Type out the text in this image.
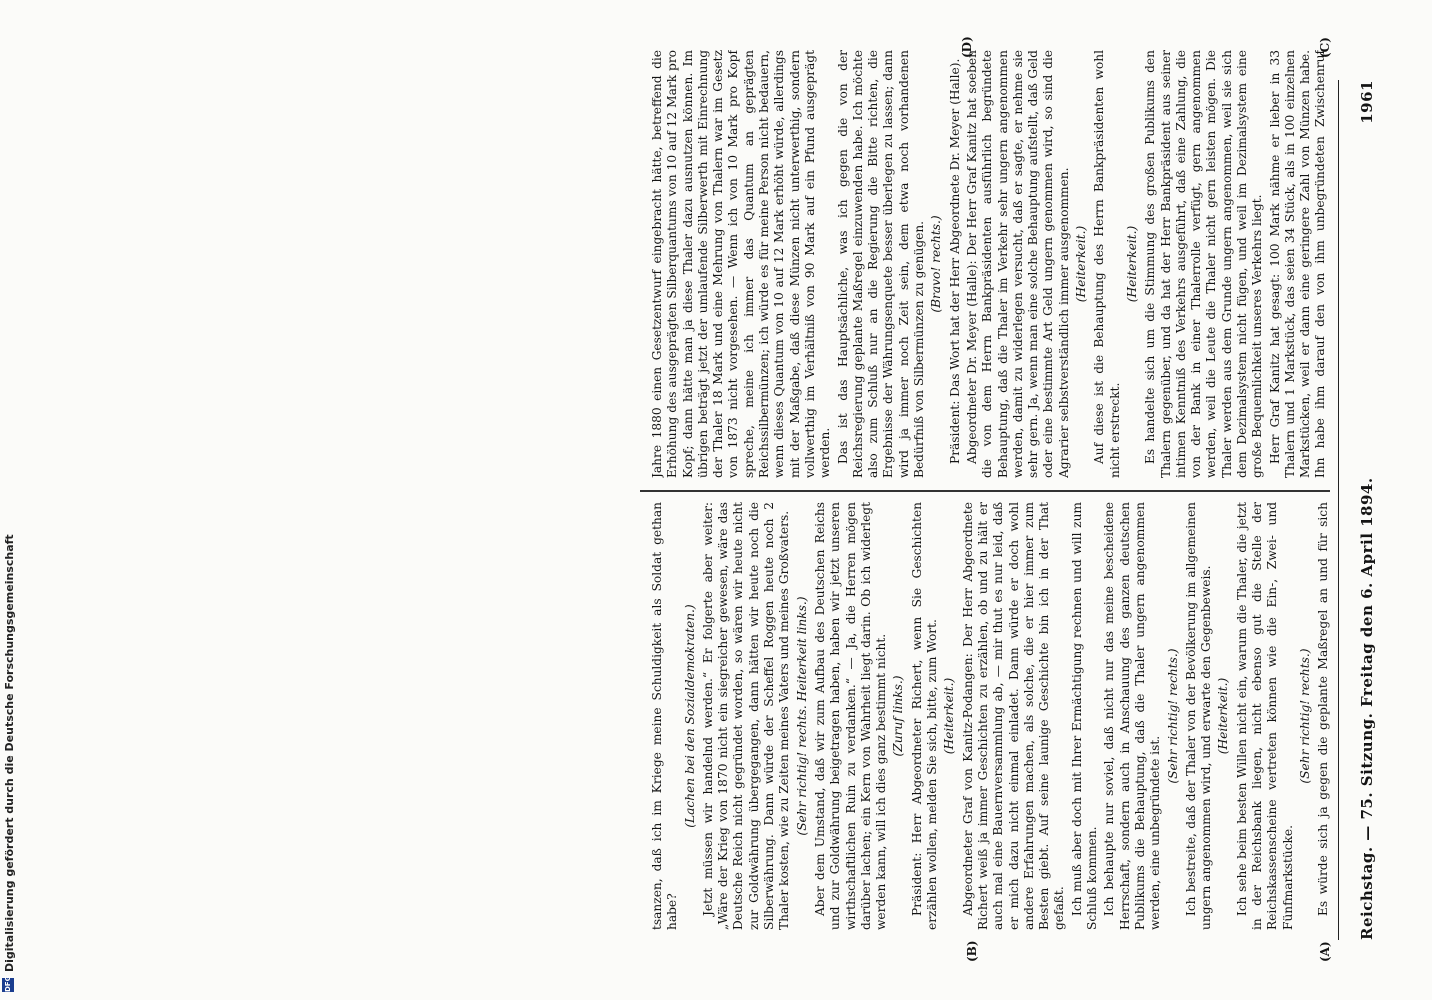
Reichstag. — 75. Sitzung. Freitag den 6. April 1894.
1961
(A)
(B)
(C)
(D)

tsanzen, daß ich im Kriege meine Schuldigkeit als Soldat gethan habe?

(Lachen bei den Sozialdemokraten.) Jetzt müssen wir handelnd werden.“ Er folgerte aber weiter: „Wäre der Krieg von 1870 nicht ein siegreicher gewesen, wäre das Deutsche Reich nicht gegründet worden, so wären wir heute nicht zur Goldwährung übergegangen, dann hätten wir heute noch die Silberwährung. Dann würde der Scheffel Roggen heute noch 2 Thaler kosten, wie zu Zeiten meines Vaters und meines Großvaters. (Sehr richtig! rechts. Heiterkeit links.) Aber dem Umstand, daß wir zum Aufbau des Deutschen Reichs und zur Goldwährung beigetragen haben, haben wir jetzt unseren wirthschaftlichen Ruin zu verdanken.“ — Ja, die Herren mögen darüber lachen; ein Kern von Wahrheit liegt darin. Ob ich widerlegt werden kann, will ich dies ganz bestimmt nicht. (Zuruf links.) Präsident: Herr Abgeordneter Richert, wenn Sie Geschichten erzählen wollen, melden Sie sich, bitte, zum Wort. (Heiterkeit.) Abgeordneter Graf von Kanitz-Podangen: Der Herr Abgeordnete Richert weiß ja immer Geschichten zu erzählen, ob und zu hält er auch mal eine Bauernversammlung ab, — mir thut es nur leid, daß er mich dazu nicht einmal einladet. Dann würde er doch wohl andere Erfahrungen machen, als solche, die er hier immer zum Besten giebt. Auf seine launige Geschichte bin ich in der That gefaßt. Ich muß aber doch mit Ihrer Ermächtigung rechnen und will zum Schluß kommen. Ich behaupte nur soviel, daß nicht nur das meine bescheidene Herrschaft, sondern auch in Anschauung des ganzen deutschen Publikums die Behauptung, daß die Thaler ungern angenommen werden, eine unbegründete ist.

(Sehr richtig! rechts.) Ich bestreite, daß der Thaler von der Bevölkerung im allgemeinen ungern angenommen wird, und erwarte den Gegenbeweis. (Heiterkeit.) Ich sehe beim besten Willen nicht ein, warum die Thaler, die jetzt in der Reichsbank liegen, nicht ebenso gut die Stelle der Reichskassenscheine vertreten können wie die Ein-, Zwei- und Fünfmarkstücke.

(Sehr richtig! rechts.)

Es würde sich ja gegen die geplante Maßregel an und für sich

Jahre 1880 einen Gesetzentwurf eingebracht hätte, betreffend die Erhöhung des ausgeprägten Silberquantums von 10 auf 12 Mark pro Kopf; dann hätte man ja diese Thaler dazu ausnutzen können. Im übrigen beträgt jetzt der umlaufende Silberwerth mit Einrechnung der Thaler 18 Mark und eine Mehrung von Thalern war im Gesetz von 1873 nicht vorgesehen. — Wenn ich von 10 Mark pro Kopf spreche, meine ich immer das Quantum an geprägten Reichssilbermünzen; ich würde es für meine Person nicht bedauern, wenn dieses Quantum von 10 auf 12 Mark erhöht würde, allerdings mit der Maßgabe, daß diese Münzen nicht unterwerthig, sondern vollwerthig im Verhältniß von 90 Mark auf ein Pfund ausgeprägt werden. Das ist das Hauptsächliche, was ich gegen die von der Reichsregierung geplante Maßregel einzuwenden habe. Ich möchte also zum Schluß nur an die Regierung die Bitte richten, die Ergebnisse der Währungsenquete besser überlegen zu lassen; dann wird ja immer noch Zeit sein, dem etwa noch vorhandenen Bedürfniß von Silbermünzen zu genügen. (Bravo! rechts.) Präsident: Das Wort hat der Herr Abgeordnete Dr. Meyer (Halle). Abgeordneter Dr. Meyer (Halle): Der Herr Graf Kanitz hat soeben die von dem Herrn Bankpräsidenten ausführlich begründete Behauptung, daß die Thaler im Verkehr sehr ungern angenommen werden, damit zu widerlegen versucht, daß er sagte, er nehme sie sehr gern. Ja, wenn man eine solche Behauptung aufstellt, daß Geld oder eine bestimmte Art Geld ungern genommen wird, so sind die Agrarier selbstverständlich immer ausgenommen. (Heiterkeit.) Auf diese ist die Behauptung des Herrn Bankpräsidenten wohl nicht erstreckt.

(Heiterkeit.) Es handelte sich um die Stimmung des großen Publikums den Thalern gegenüber, und da hat der Herr Bankpräsident aus seiner intimen Kenntniß des Verkehrs ausgeführt, daß eine Zahlung, die von der Bank in einer Thalerrolle verfügt, gern angenommen werden, weil die Leute die Thaler nicht gern leisten mögen. Die Thaler werden aus dem Grunde ungern angenommen, weil sie sich dem Dezimalsystem nicht fügen, und weil im Dezimalsystem eine große Bequemlichkeit unseres Verkehrs liegt. Herr Graf Kanitz hat gesagt: 100 Mark nähme er lieber in 33 Thalern und 1 Markstück, das seien 34 Stück, als in 100 einzelnen Markstücken, weil er dann eine geringere Zahl von Münzen habe. Ihn habe ihm darauf den von ihm unbegründeten Zwischenruf

DFG
Digitalisierung gefördert durch die Deutsche Forschungsgemeinschaft
